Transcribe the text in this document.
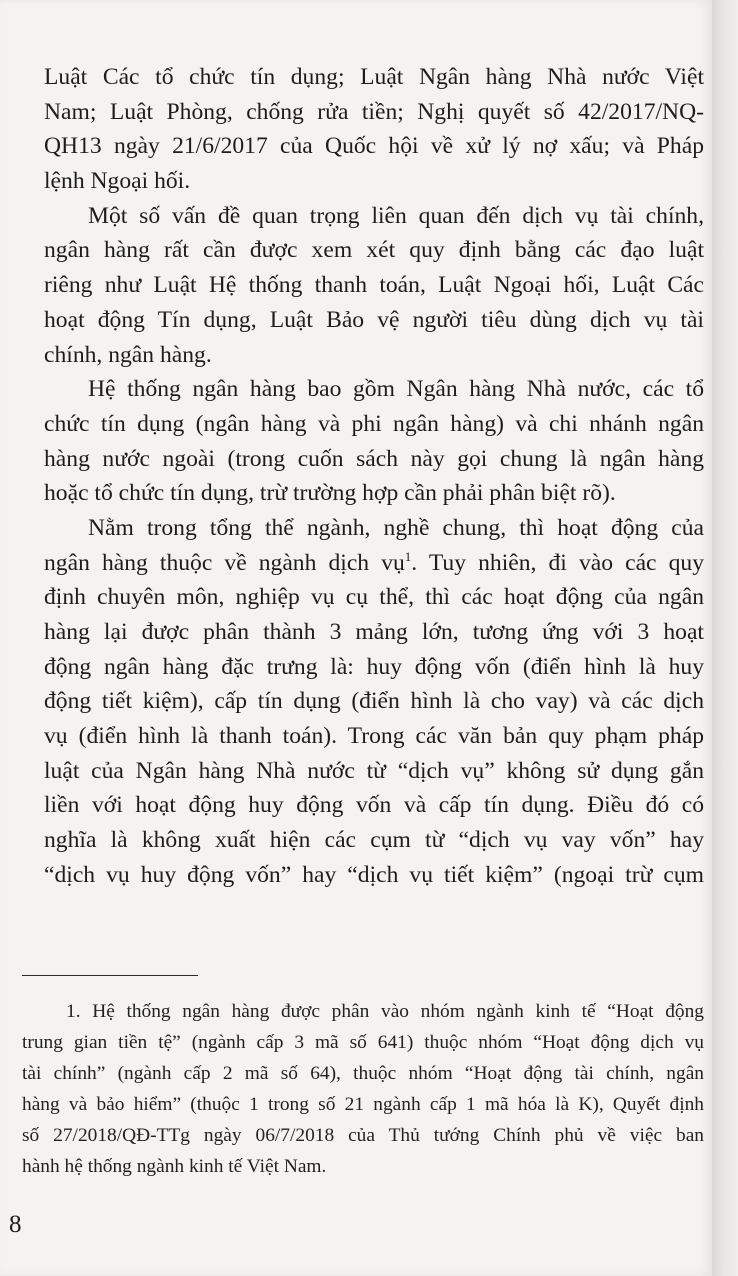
Luật Các tổ chức tín dụng; Luật Ngân hàng Nhà nước Việt
Nam; Luật Phòng, chống rửa tiền; Nghị quyết số 42/2017/NQ-
QH13 ngày 21/6/2017 của Quốc hội về xử lý nợ xấu; và Pháp
lệnh Ngoại hối.
Một số vấn đề quan trọng liên quan đến dịch vụ tài chính,
ngân hàng rất cần được xem xét quy định bằng các đạo luật
riêng như Luật Hệ thống thanh toán, Luật Ngoại hối, Luật Các
hoạt động Tín dụng, Luật Bảo vệ người tiêu dùng dịch vụ tài
chính, ngân hàng.
Hệ thống ngân hàng bao gồm Ngân hàng Nhà nước, các tổ
chức tín dụng (ngân hàng và phi ngân hàng) và chi nhánh ngân
hàng nước ngoài (trong cuốn sách này gọi chung là ngân hàng
hoặc tổ chức tín dụng, trừ trường hợp cần phải phân biệt rõ).
Nằm trong tổng thể ngành, nghề chung, thì hoạt động của
ngân hàng thuộc về ngành dịch vụ$^1$. Tuy nhiên, đi vào các quy
định chuyên môn, nghiệp vụ cụ thể, thì các hoạt động của ngân
hàng lại được phân thành 3 mảng lớn, tương ứng với 3 hoạt
động ngân hàng đặc trưng là: huy động vốn (điển hình là huy
động tiết kiệm), cấp tín dụng (điển hình là cho vay) và các dịch
vụ (điển hình là thanh toán). Trong các văn bản quy phạm pháp
luật của Ngân hàng Nhà nước từ “dịch vụ” không sử dụng gắn
liền với hoạt động huy động vốn và cấp tín dụng. Điều đó có
nghĩa là không xuất hiện các cụm từ “dịch vụ vay vốn” hay
“dịch vụ huy động vốn” hay “dịch vụ tiết kiệm” (ngoại trừ cụm
1. Hệ thống ngân hàng được phân vào nhóm ngành kinh tế “Hoạt động
trung gian tiền tệ” (ngành cấp 3 mã số 641) thuộc nhóm “Hoạt động dịch vụ
tài chính” (ngành cấp 2 mã số 64), thuộc nhóm “Hoạt động tài chính, ngân
hàng và bảo hiểm” (thuộc 1 trong số 21 ngành cấp 1 mã hóa là K), Quyết định
số 27/2018/QĐ-TTg ngày 06/7/2018 của Thủ tướng Chính phủ về việc ban
hành hệ thống ngành kinh tế Việt Nam.
8
